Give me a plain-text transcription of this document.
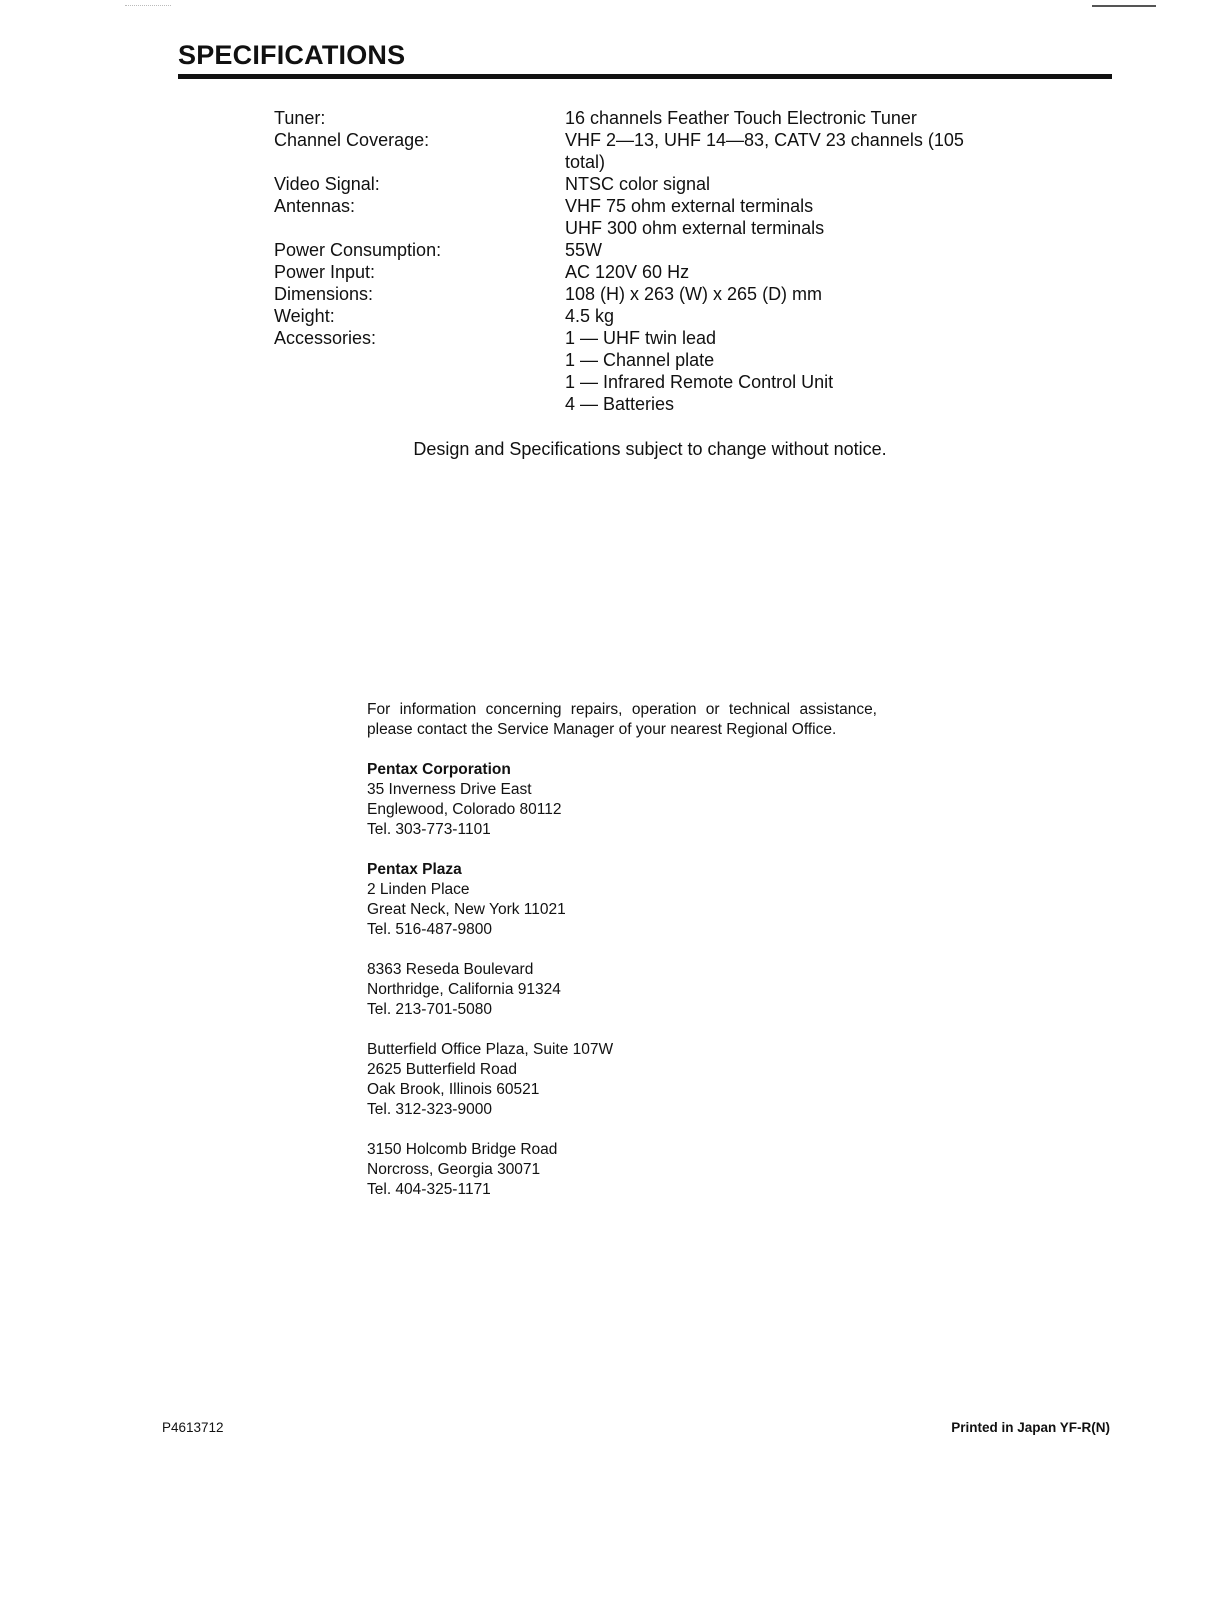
SPECIFICATIONS
Tuner:	16 channels Feather Touch Electronic Tuner
Channel Coverage:	VHF 2—13, UHF 14—83, CATV 23 channels (105
total)
Video Signal:	NTSC color signal
Antennas:	VHF 75 ohm external terminals
UHF 300 ohm external terminals
Power Consumption:	55W
Power Input:	AC 120V 60 Hz
Dimensions:	108 (H) x 263 (W) x 265 (D) mm
Weight:	4.5 kg
Accessories:	1 — UHF twin lead
1 — Channel plate
1 — Infrared Remote Control Unit
4 — Batteries
Design and Specifications subject to change without notice.
For information concerning repairs, operation or technical assistance, please contact the Service Manager of your nearest Regional Office.
Pentax Corporation
35 Inverness Drive East
Englewood, Colorado 80112
Tel. 303-773-1101
Pentax Plaza
2 Linden Place
Great Neck, New York 11021
Tel. 516-487-9800
8363 Reseda Boulevard
Northridge, California 91324
Tel. 213-701-5080
Butterfield Office Plaza, Suite 107W
2625 Butterfield Road
Oak Brook, Illinois 60521
Tel. 312-323-9000
3150 Holcomb Bridge Road
Norcross, Georgia 30071
Tel. 404-325-1171
P4613712	Printed in Japan YF-R(N)
